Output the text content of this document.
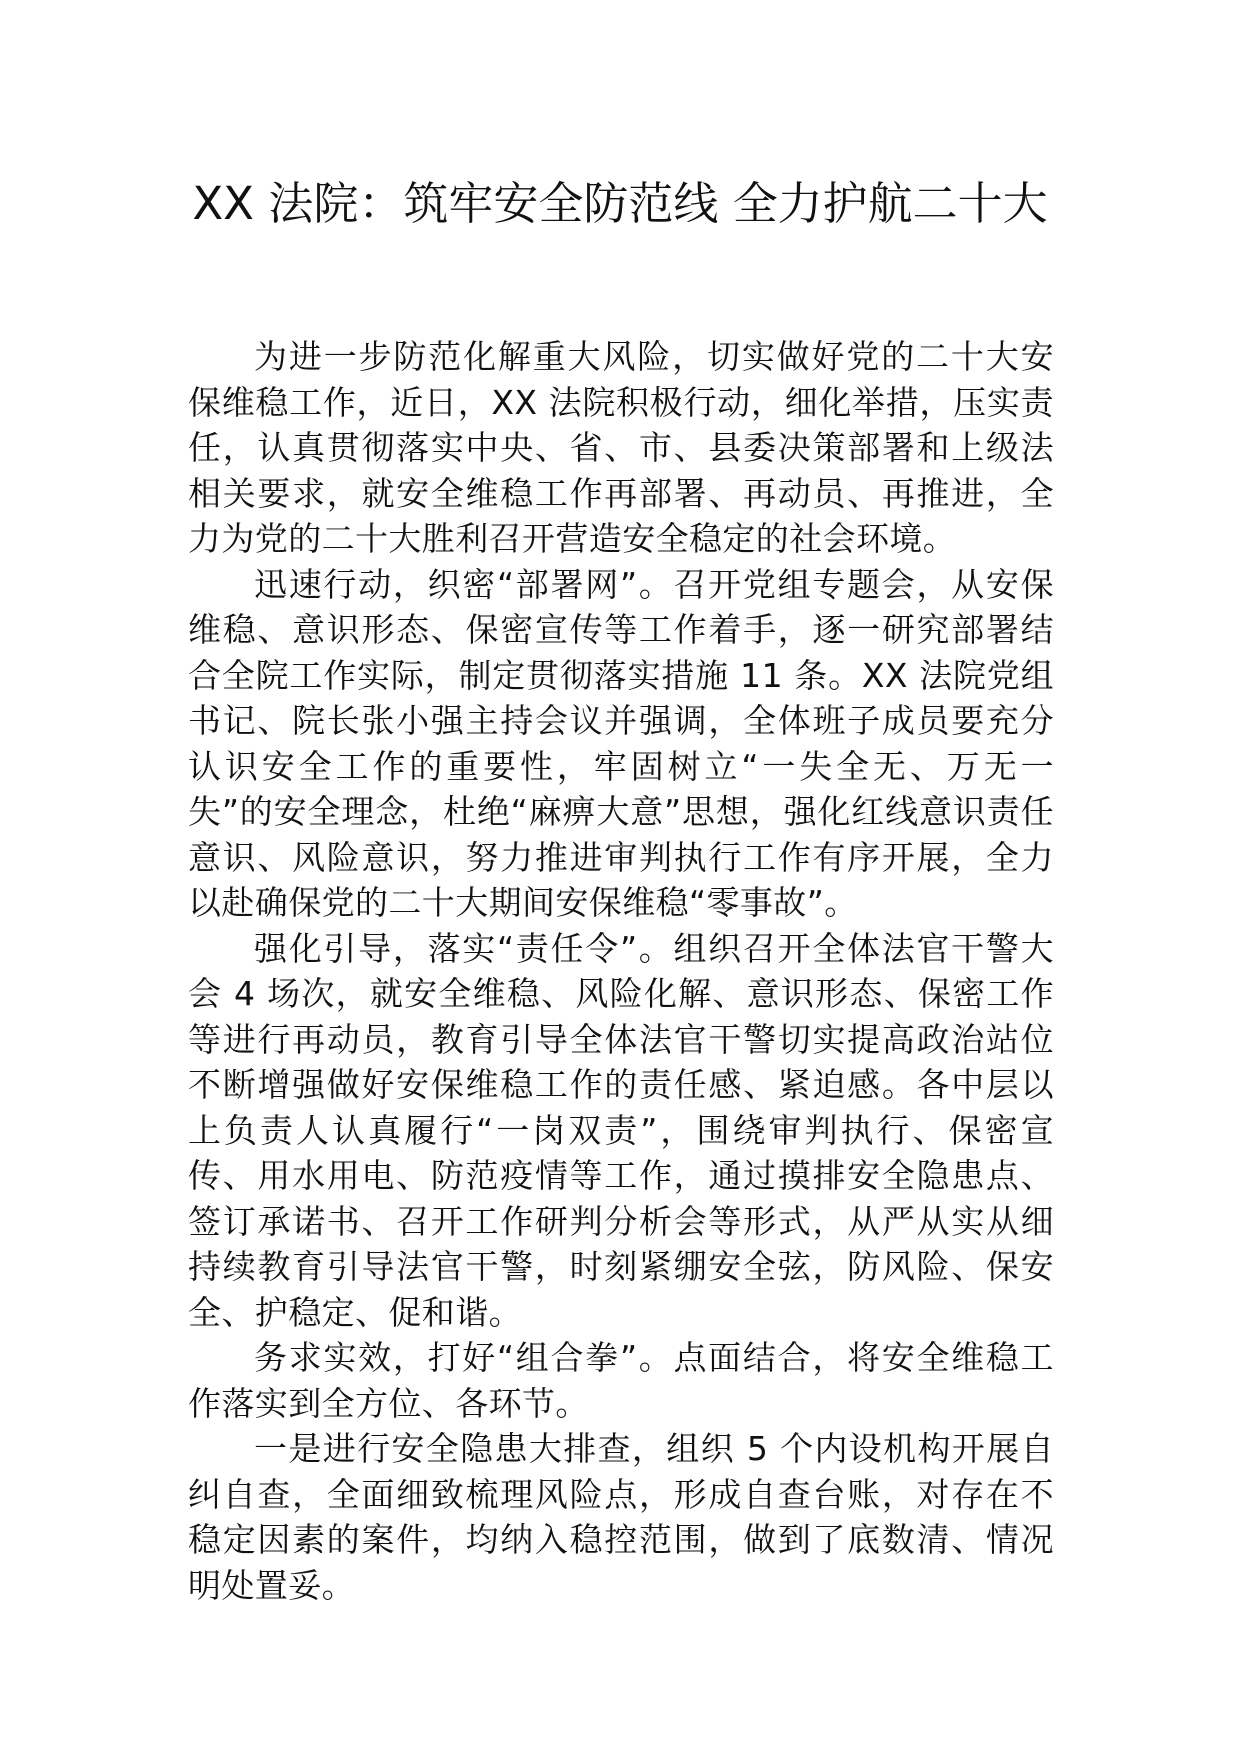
XX 法院：筑牢安全防范线 全力护航二十大

为进一步防范化解重大风险，切实做好党的二十大安保维稳工作，近日，XX 法院积极行动，细化举措，压实责任，认真贯彻落实中央、省、市、县委决策部署和上级法相关要求，就安全维稳工作再部署、再动员、再推进，全力为党的二十大胜利召开营造安全稳定的社会环境。

迅速行动，织密“部署网”。召开党组专题会，从安保维稳、意识形态、保密宣传等工作着手，逐一研究部署结合全院工作实际，制定贯彻落实措施 11 条。XX 法院党组书记、院长张小强主持会议并强调，全体班子成员要充分认识安全工作的重要性，牢固树立“一失全无、万无一失”的安全理念，杜绝“麻痹大意”思想，强化红线意识责任意识、风险意识，努力推进审判执行工作有序开展，全力以赴确保党的二十大期间安保维稳“零事故”。

强化引导，落实“责任令”。组织召开全体法官干警大会 4 场次，就安全维稳、风险化解、意识形态、保密工作等进行再动员，教育引导全体法官干警切实提高政治站位不断增强做好安保维稳工作的责任感、紧迫感。各中层以上负责人认真履行“一岗双责”，围绕审判执行、保密宣传、用水用电、防范疫情等工作，通过摸排安全隐患点、签订承诺书、召开工作研判分析会等形式，从严从实从细持续教育引导法官干警，时刻紧绷安全弦，防风险、保安全、护稳定、促和谐。

务求实效，打好“组合拳”。点面结合，将安全维稳工作落实到全方位、各环节。

一是进行安全隐患大排查，组织 5 个内设机构开展自纠自查，全面细致梳理风险点，形成自查台账，对存在不稳定因素的案件，均纳入稳控范围，做到了底数清、情况明处置妥。
